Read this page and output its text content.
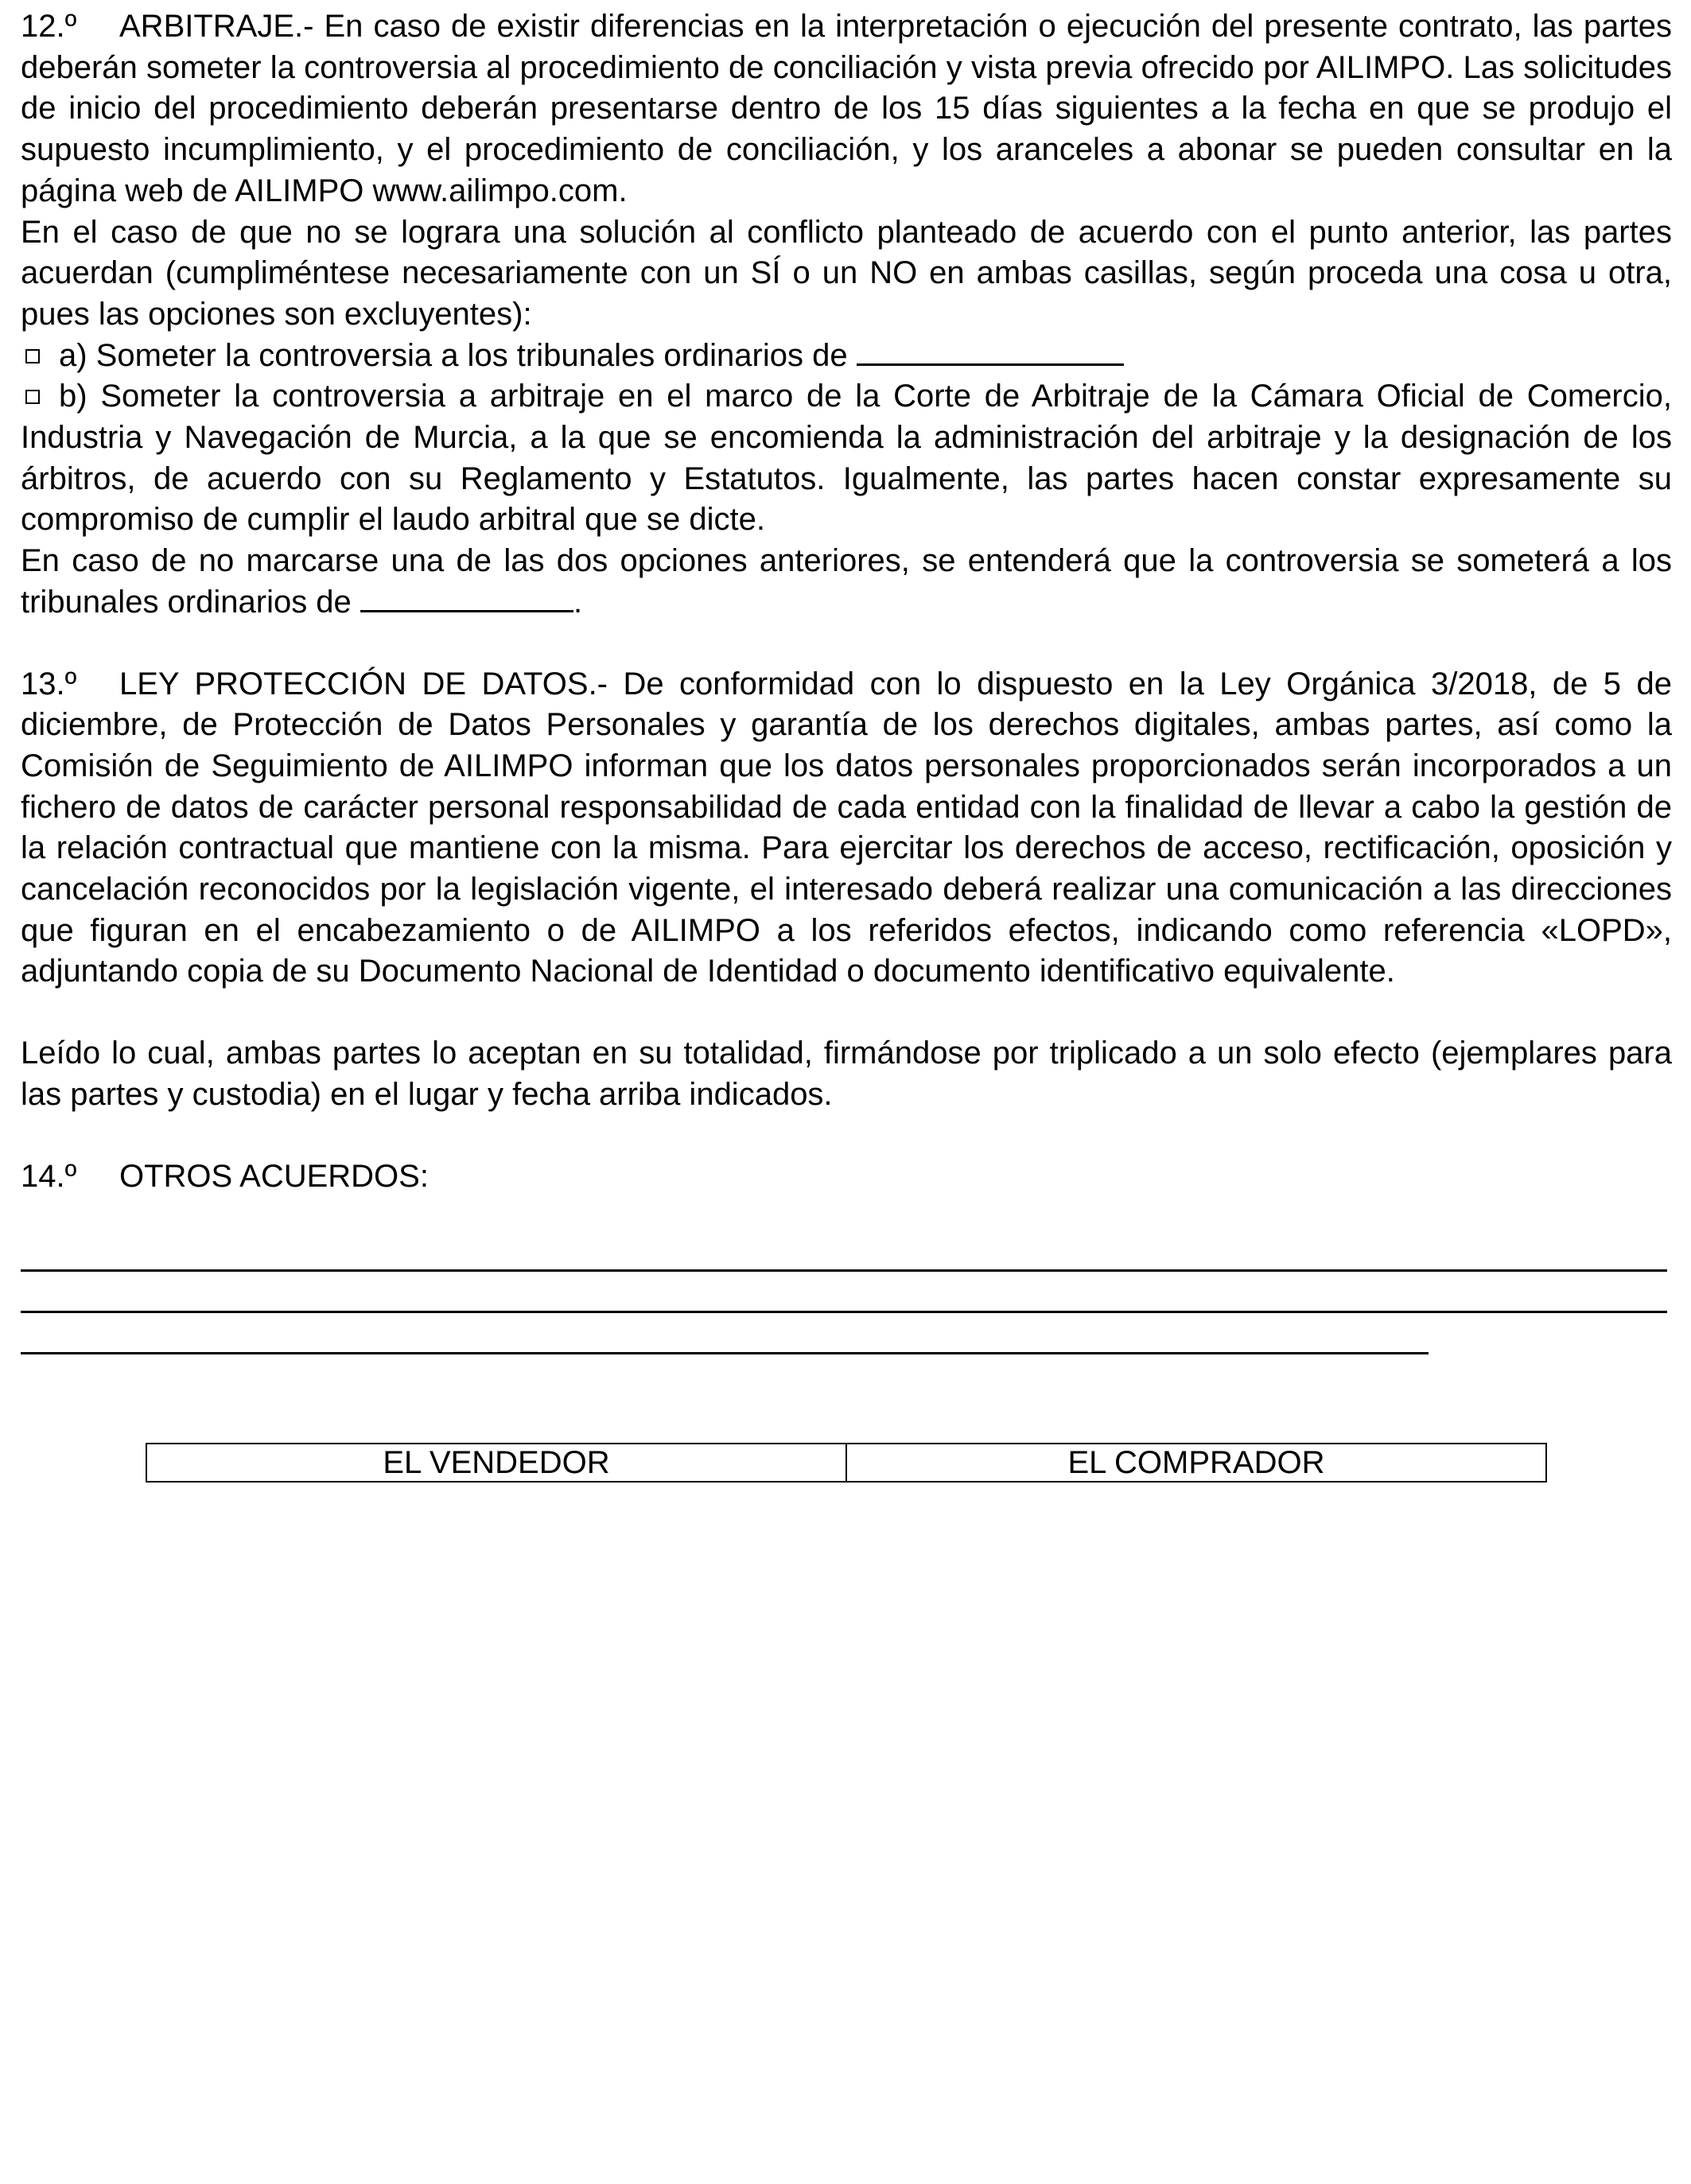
12.º ARBITRAJE.- En caso de existir diferencias en la interpretación o ejecución del presente contrato, las partes deberán someter la controversia al procedimiento de conciliación y vista previa ofrecido por AILIMPO. Las solicitudes de inicio del procedimiento deberán presentarse dentro de los 15 días siguientes a la fecha en que se produjo el supuesto incumplimiento, y el procedimiento de conciliación, y los aranceles a abonar se pueden consultar en la página web de AILIMPO www.ailimpo.com.

En el caso de que no se lograra una solución al conflicto planteado de acuerdo con el punto anterior, las partes acuerdan (cumpliméntese necesariamente con un SÍ o un NO en ambas casillas, según proceda una cosa u otra, pues las opciones son excluyentes):

a) Someter la controversia a los tribunales ordinarios de

b) Someter la controversia a arbitraje en el marco de la Corte de Arbitraje de la Cámara Oficial de Comercio, Industria y Navegación de Murcia, a la que se encomienda la administración del arbitraje y la designación de los árbitros, de acuerdo con su Reglamento y Estatutos. Igualmente, las partes hacen constar expresamente su compromiso de cumplir el laudo arbitral que se dicte.

En caso de no marcarse una de las dos opciones anteriores, se entenderá que la controversia se someterá a los tribunales ordinarios de	.

13.º LEY PROTECCIÓN DE DATOS.- De conformidad con lo dispuesto en la Ley Orgánica 3/2018, de 5 de diciembre, de Protección de Datos Personales y garantía de los derechos digitales, ambas partes, así como la Comisión de Seguimiento de AILIMPO informan que los datos personales proporcionados serán incorporados a un fichero de datos de carácter personal responsabilidad de cada entidad con la finalidad de llevar a cabo la gestión de la relación contractual que mantiene con la misma. Para ejercitar los derechos de acceso, rectificación, oposición y cancelación reconocidos por la legislación vigente, el interesado deberá realizar una comunicación a las direcciones que figuran en el encabezamiento o de AILIMPO a los referidos efectos, indicando como referencia «LOPD», adjuntando copia de su Documento Nacional de Identidad o documento identificativo equivalente.

Leído lo cual, ambas partes lo aceptan en su totalidad, firmándose por triplicado a un solo efecto (ejemplares para las partes y custodia) en el lugar y fecha arriba indicados.

14.º OTROS ACUERDOS:

EL VENDEDOR	EL COMPRADOR
